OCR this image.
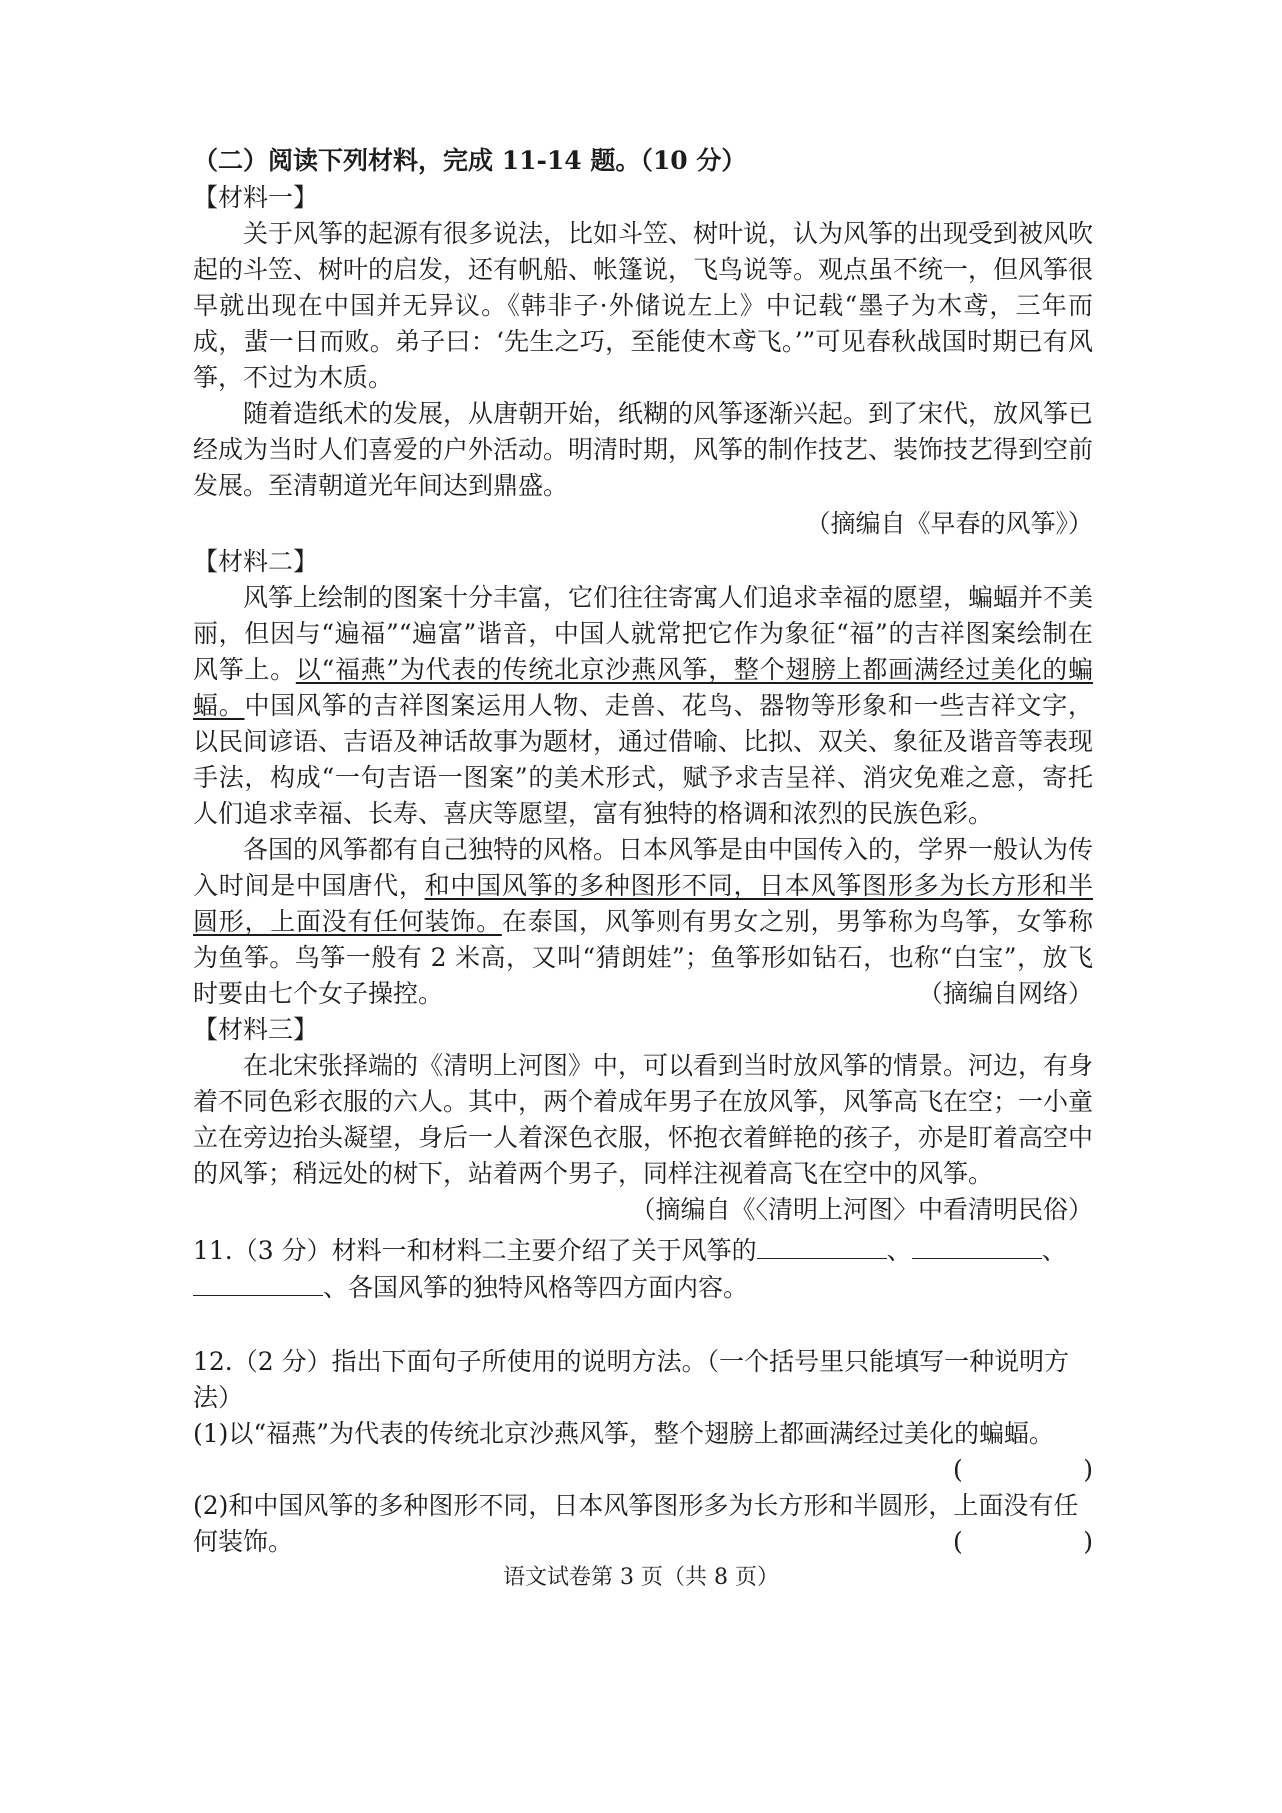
（二）阅读下列材料，完成 11-14 题。（10 分）
【材料一】

关于风筝的起源有很多说法，比如斗笠、树叶说，认为风筝的出现受到被风吹起的斗笠、树叶的启发，还有帆船、帐篷说，飞鸟说等。观点虽不统一，但风筝很早就出现在中国并无异议。《韩非子·外储说左上》中记载“墨子为木鸢，三年而成，蜚一日而败。弟子曰：‘先生之巧，至能使木鸢飞。’”可见春秋战国时期已有风筝，不过为木质。

随着造纸术的发展，从唐朝开始，纸糊的风筝逐渐兴起。到了宋代，放风筝已经成为当时人们喜爱的户外活动。明清时期，风筝的制作技艺、装饰技艺得到空前发展。至清朝道光年间达到鼎盛。

（摘编自《早春的风筝》）
【材料二】

风筝上绘制的图案十分丰富，它们往往寄寓人们追求幸福的愿望，蝙蝠并不美丽，但因与“遍福”“遍富”谐音，中国人就常把它作为象征“福”的吉祥图案绘制在风筝上。以“福燕”为代表的传统北京沙燕风筝，整个翅膀上都画满经过美化的蝙蝠。中国风筝的吉祥图案运用人物、走兽、花鸟、器物等形象和一些吉祥文字，以民间谚语、吉语及神话故事为题材，通过借喻、比拟、双关、象征及谐音等表现手法，构成“一句吉语一图案”的美术形式，赋予求吉呈祥、消灾免难之意，寄托人们追求幸福、长寿、喜庆等愿望，富有独特的格调和浓烈的民族色彩。

各国的风筝都有自己独特的风格。日本风筝是由中国传入的，学界一般认为传入时间是中国唐代，和中国风筝的多种图形不同，日本风筝图形多为长方形和半圆形，上面没有任何装饰。在泰国，风筝则有男女之别，男筝称为鸟筝，女筝称为鱼筝。鸟筝一般有 2 米高，又叫“猜朗娃”；鱼筝形如钻石，也称“白宝”，放飞时要由七个女子操控。	（摘编自网络）

【材料三】

在北宋张择端的《清明上河图》中，可以看到当时放风筝的情景。河边，有身着不同色彩衣服的六人。其中，两个着成年男子在放风筝，风筝高飞在空；一小童立在旁边抬头凝望，身后一人着深色衣服，怀抱衣着鲜艳的孩子，亦是盯着高空中的风筝；稍远处的树下，站着两个男子，同样注视着高飞在空中的风筝。

（摘编自《〈清明上河图〉中看清明民俗）

11.（3 分）材料一和材料二主要介绍了关于风筝的	、	、
、各国风筝的独特风格等四方面内容。

12.（2 分）指出下面句子所使用的说明方法。（一个括号里只能填写一种说明方法）

(1)以“福燕”为代表的传统北京沙燕风筝，整个翅膀上都画满经过美化的蝙蝠。

(	)

(2)和中国风筝的多种图形不同，日本风筝图形多为长方形和半圆形，上面没有任何装饰。	(	)

语文试卷第 3 页（共 8 页）
